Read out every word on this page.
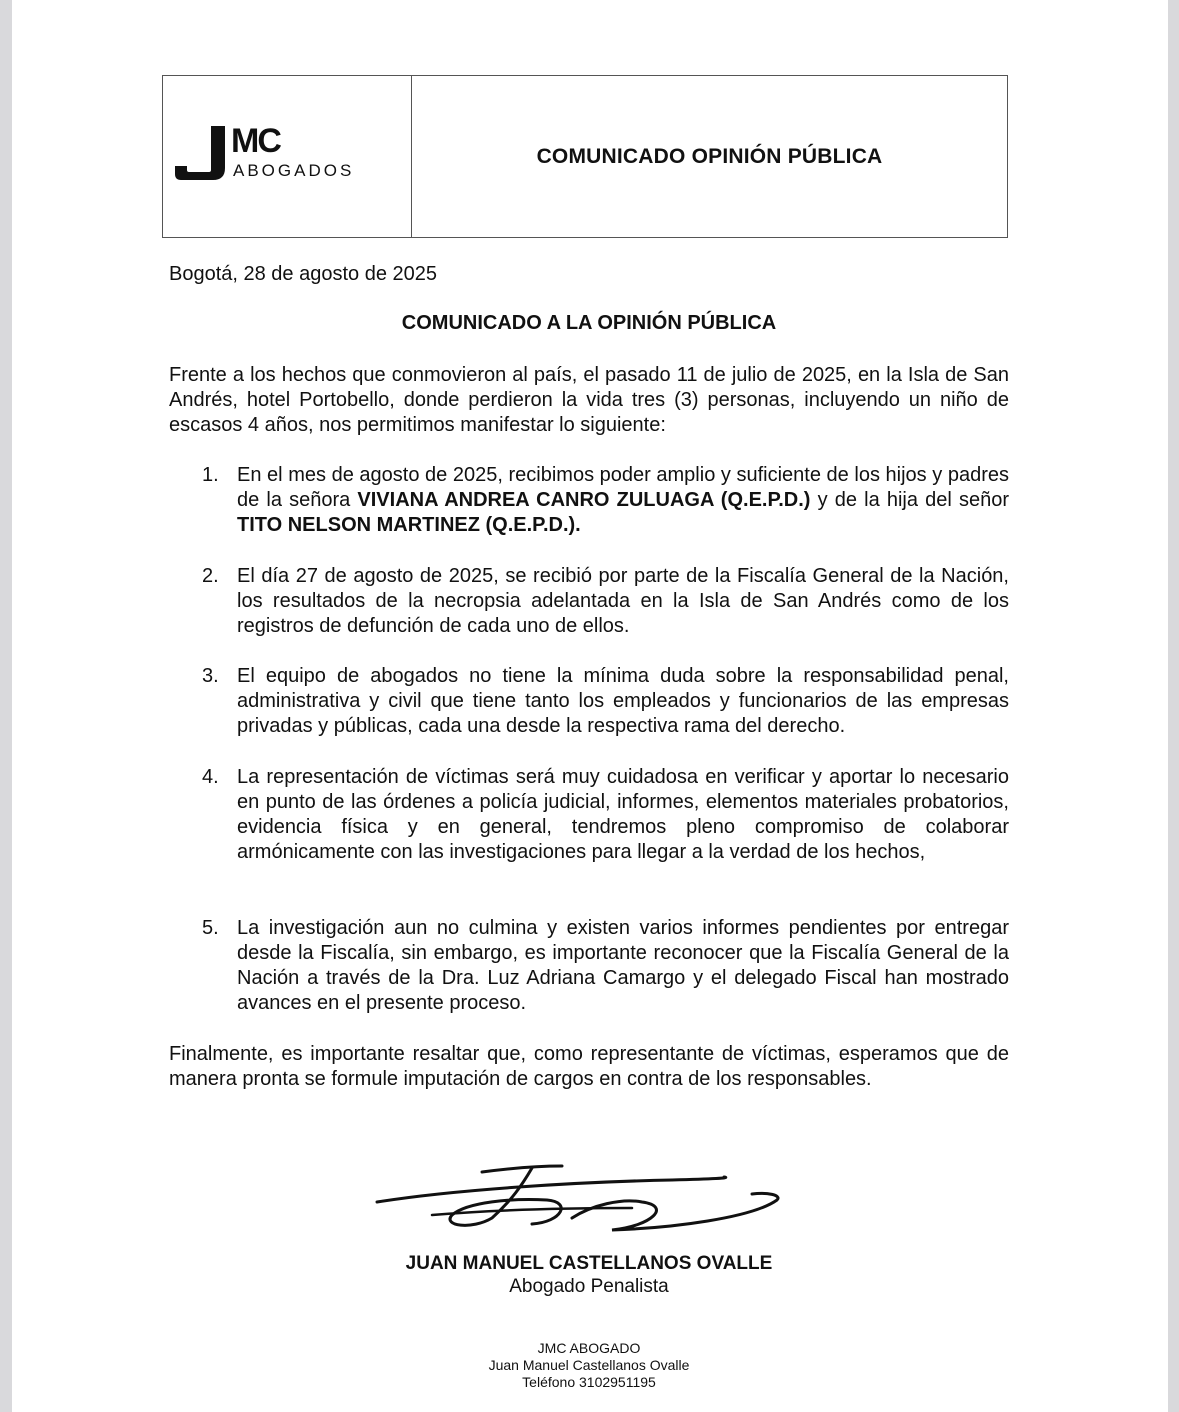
MC
ABOGADOS
COMUNICADO OPINIÓN PÚBLICA
Bogotá, 28 de agosto de 2025
COMUNICADO A LA OPINIÓN PÚBLICA
Frente a los hechos que conmovieron al país, el pasado 11 de julio de 2025, en la Isla de San Andrés, hotel Portobello, donde perdieron la vida tres (3) personas, incluyendo un niño de escasos 4 años, nos permitimos manifestar lo siguiente:
1. En el mes de agosto de 2025, recibimos poder amplio y suficiente de los hijos y padres de la señora VIVIANA ANDREA CANRO ZULUAGA (Q.E.P.D.) y de la hija del señor TITO NELSON MARTINEZ (Q.E.P.D.).
2. El día 27 de agosto de 2025, se recibió por parte de la Fiscalía General de la Nación, los resultados de la necropsia adelantada en la Isla de San Andrés como de los registros de defunción de cada uno de ellos.
3. El equipo de abogados no tiene la mínima duda sobre la responsabilidad penal, administrativa y civil que tiene tanto los empleados y funcionarios de las empresas privadas y públicas, cada una desde la respectiva rama del derecho.
4. La representación de víctimas será muy cuidadosa en verificar y aportar lo necesario en punto de las órdenes a policía judicial, informes, elementos materiales probatorios, evidencia física y en general, tendremos pleno compromiso de colaborar armónicamente con las investigaciones para llegar a la verdad de los hechos,
5. La investigación aun no culmina y existen varios informes pendientes por entregar desde la Fiscalía, sin embargo, es importante reconocer que la Fiscalía General de la Nación a través de la Dra. Luz Adriana Camargo y el delegado Fiscal han mostrado avances en el presente proceso.
Finalmente, es importante resaltar que, como representante de víctimas, esperamos que de manera pronta se formule imputación de cargos en contra de los responsables.
JUAN MANUEL CASTELLANOS OVALLE
Abogado Penalista
JMC ABOGADO
Juan Manuel Castellanos Ovalle
Teléfono 3102951195
